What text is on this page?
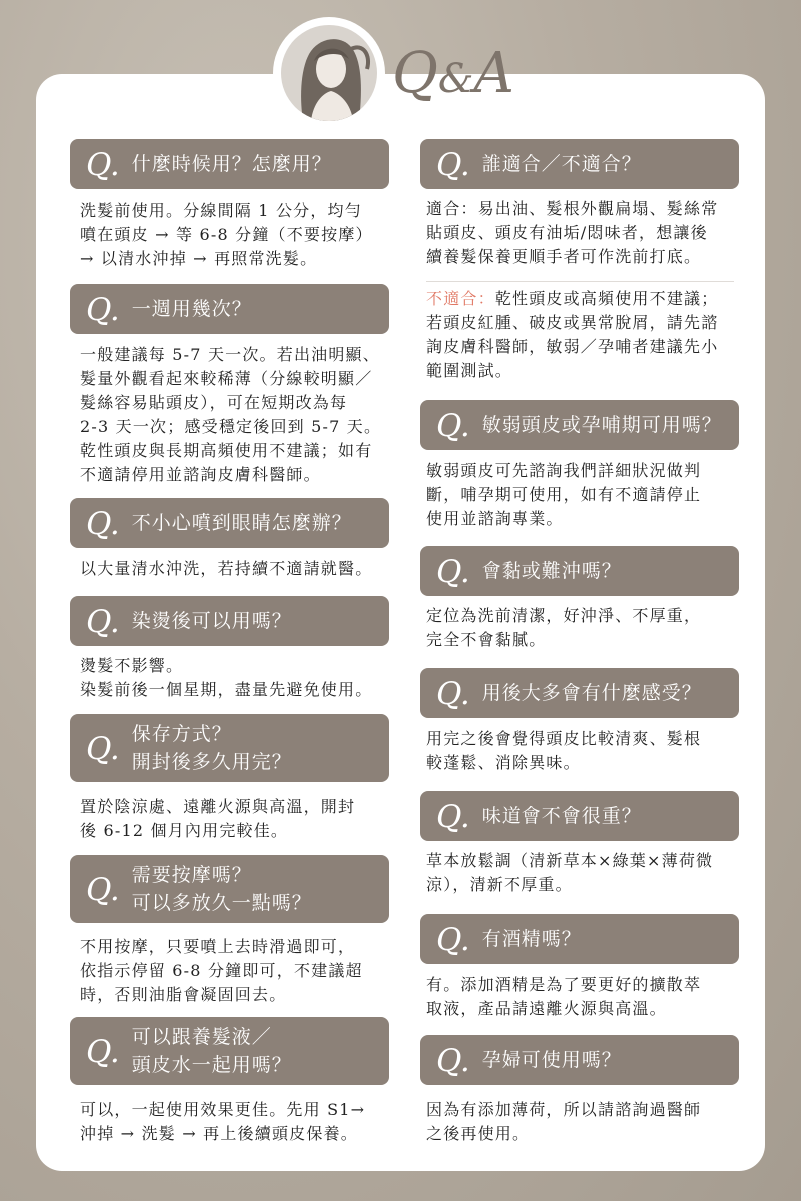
Q&A
Q. 什麼時候用？怎麼用？

洗髮前使用。分線間隔 1 公分，均勻
噴在頭皮 → 等 6-8 分鐘（不要按摩）
→ 以清水沖掉 → 再照常洗髮。

Q. 一週用幾次？

一般建議每 5-7 天一次。若出油明顯、
髮量外觀看起來較稀薄（分線較明顯／
髮絲容易貼頭皮），可在短期改為每
2-3 天一次；感受穩定後回到 5-7 天。
乾性頭皮與長期高頻使用不建議；如有
不適請停用並諮詢皮膚科醫師。

Q. 不小心噴到眼睛怎麼辦？

以大量清水沖洗，若持續不適請就醫。

Q. 染燙後可以用嗎？

燙髮不影響。
染髮前後一個星期，盡量先避免使用。

Q. 保存方式？
開封後多久用完？

置於陰涼處、遠離火源與高溫，開封
後 6-12 個月內用完較佳。

Q. 需要按摩嗎？
可以多放久一點嗎？

不用按摩，只要噴上去時滑過即可，
依指示停留 6-8 分鐘即可，不建議超
時，否則油脂會凝固回去。

Q. 可以跟養髮液／
頭皮水一起用嗎？

可以，一起使用效果更佳。先用 S1→
沖掉 → 洗髮 → 再上後續頭皮保養。

Q. 誰適合／不適合？

適合：易出油、髮根外觀扁塌、髮絲常
貼頭皮、頭皮有油垢/悶味者，想讓後
續養髮保養更順手者可作洗前打底。

不適合：乾性頭皮或高頻使用不建議；

若頭皮紅腫、破皮或異常脫屑，請先諮
詢皮膚科醫師，敏弱／孕哺者建議先小
範圍測試。

Q. 敏弱頭皮或孕哺期可用嗎？

敏弱頭皮可先諮詢我們詳細狀況做判
斷，哺孕期可使用，如有不適請停止
使用並諮詢專業。

Q. 會黏或難沖嗎？

定位為洗前清潔，好沖淨、不厚重，
完全不會黏膩。

Q. 用後大多會有什麼感受？

用完之後會覺得頭皮比較清爽、髮根
較蓬鬆、消除異味。

Q. 味道會不會很重？

草本放鬆調（清新草本×綠葉×薄荷微
涼），清新不厚重。

Q. 有酒精嗎？

有。添加酒精是為了要更好的擴散萃
取液，產品請遠離火源與高溫。

Q. 孕婦可使用嗎？

因為有添加薄荷，所以請諮詢過醫師
之後再使用。
